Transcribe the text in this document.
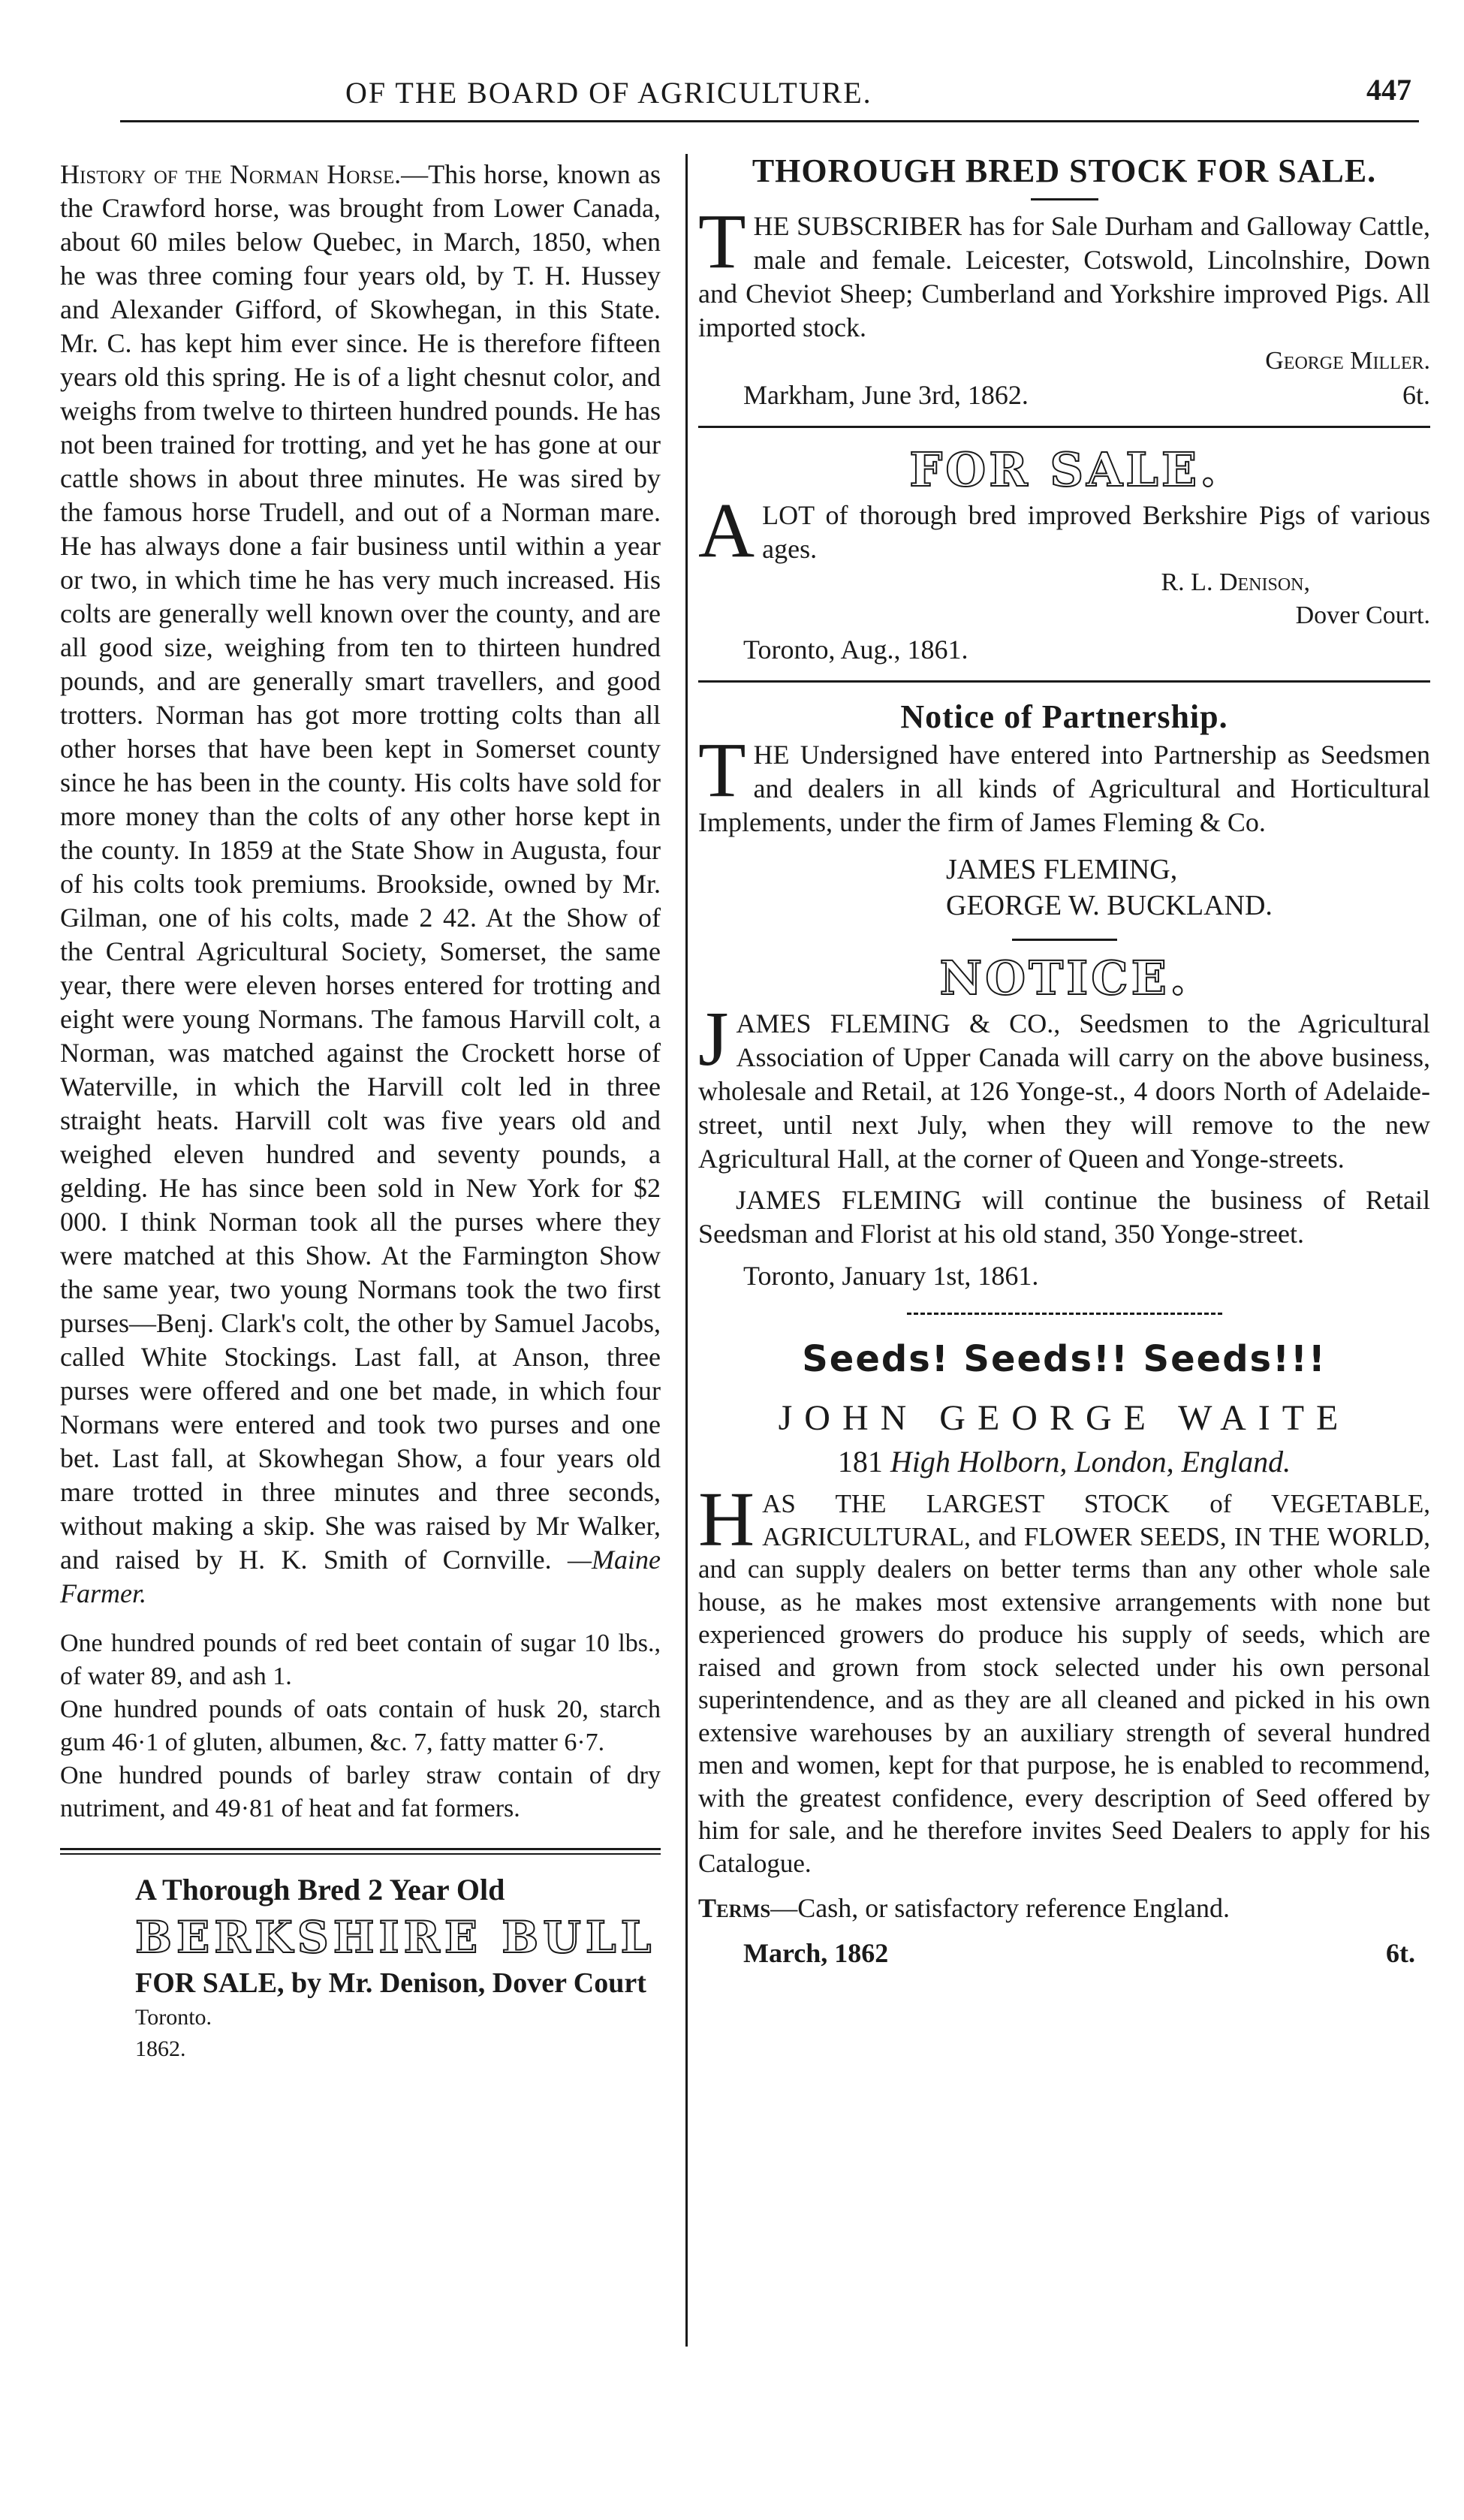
OF THE BOARD OF AGRICULTURE.	447

History of the Norman Horse.—This horse, known as the Crawford horse, was brought from Lower Canada, about 60 miles below Quebec, in March, 1850, when he was three coming four years old, by T. H. Hussey and Alexander Gifford, of Skowhegan, in this State. Mr. C. has kept him ever since. He is therefore fifteen years old this spring. He is of a light chesnut color, and weighs from twelve to thirteen hundred pounds. He has not been trained for trotting, and yet he has gone at our cattle shows in about three minutes. He was sired by the famous horse Trudell, and out of a Norman mare. He has always done a fair business until within a year or two, in which time he has very much increased. His colts are generally well known over the county, and are all good size, weighing from ten to thirteen hundred pounds, and are generally smart travellers, and good trotters. Norman has got more trotting colts than all other horses that have been kept in Somerset county since he has been in the county. His colts have sold for more money than the colts of any other horse kept in the county. In 1859 at the State Show in Augusta, four of his colts took premiums. Brookside, owned by Mr. Gilman, one of his colts, made 2 42. At the Show of the Central Agricultural Society, Somerset, the same year, there were eleven horses entered for trotting and eight were young Normans. The famous Harvill colt, a Norman, was matched against the Crockett horse of Waterville, in which the Harvill colt led in three straight heats. Harvill colt was five years old and weighed eleven hundred and seventy pounds, a gelding. He has since been sold in New York for $2 000. I think Norman took all the purses where they were matched at this Show. At the Farmington Show the same year, two young Normans took the two first purses—Benj. Clark's colt, the other by Samuel Jacobs, called White Stockings. Last fall, at Anson, three purses were offered and one bet made, in which four Normans were entered and took two purses and one bet. Last fall, at Skowhegan Show, a four years old mare trotted in three minutes and three seconds, without making a skip. She was raised by Mr Walker, and raised by H. K. Smith of Cornville. —Maine Farmer.

One hundred pounds of red beet contain of sugar 10 lbs., of water 89, and ash 1.

One hundred pounds of oats contain of husk 20, starch gum 46·1 of gluten, albumen, &c. 7, fatty matter 6·7.

One hundred pounds of barley straw contain of dry nutriment, and 49·81 of heat and fat formers.

A Thorough Bred 2 Year Old
BERKSHIRE BULL
FOR SALE, by Mr. Denison, Dover Court
Toronto.
1862.
THOROUGH BRED STOCK FOR SALE.

THE SUBSCRIBER has for Sale Durham and Galloway Cattle, male and female. Leicester, Cotswold, Lincolnshire, Down and Cheviot Sheep; Cumberland and Yorkshire improved Pigs. All imported stock.

George Miller.
Markham, June 3rd, 1862.	6t.
FOR SALE.

ALOT of thorough bred improved Berkshire Pigs of various ages.

R. L. Denison,
Dover Court.
Toronto, Aug., 1861.
Notice of Partnership.

THE Undersigned have entered into Partnership as Seedsmen and dealers in all kinds of Agricultural and Horticultural Implements, under the firm of James Fleming & Co.

JAMES FLEMING,
GEORGE W. BUCKLAND.
NOTICE.

JAMES FLEMING & CO., Seedsmen to the Agricultural Association of Upper Canada will carry on the above business, wholesale and Retail, at 126 Yonge-st., 4 doors North of Adelaide-street, until next July, when they will remove to the new Agricultural Hall, at the corner of Queen and Yonge-streets.

JAMES FLEMING will continue the business of Retail Seedsman and Florist at his old stand, 350 Yonge-street.

Toronto, January 1st, 1861.
Seeds! Seeds!! Seeds!!!
JOHN GEORGE WAITE
181 High Holborn, London, England.

HAS THE LARGEST STOCK of VEGETABLE, AGRICULTURAL, and FLOWER SEEDS, IN THE WORLD, and can supply dealers on better terms than any other whole sale house, as he makes most extensive arrangements with none but experienced growers do produce his supply of seeds, which are raised and grown from stock selected under his own personal superintendence, and as they are all cleaned and picked in his own extensive warehouses by an auxiliary strength of several hundred men and women, kept for that purpose, he is enabled to recommend, with the greatest confidence, every description of Seed offered by him for sale, and he therefore invites Seed Dealers to apply for his Catalogue.

Terms—Cash, or satisfactory reference England.

March, 1862	6t.
